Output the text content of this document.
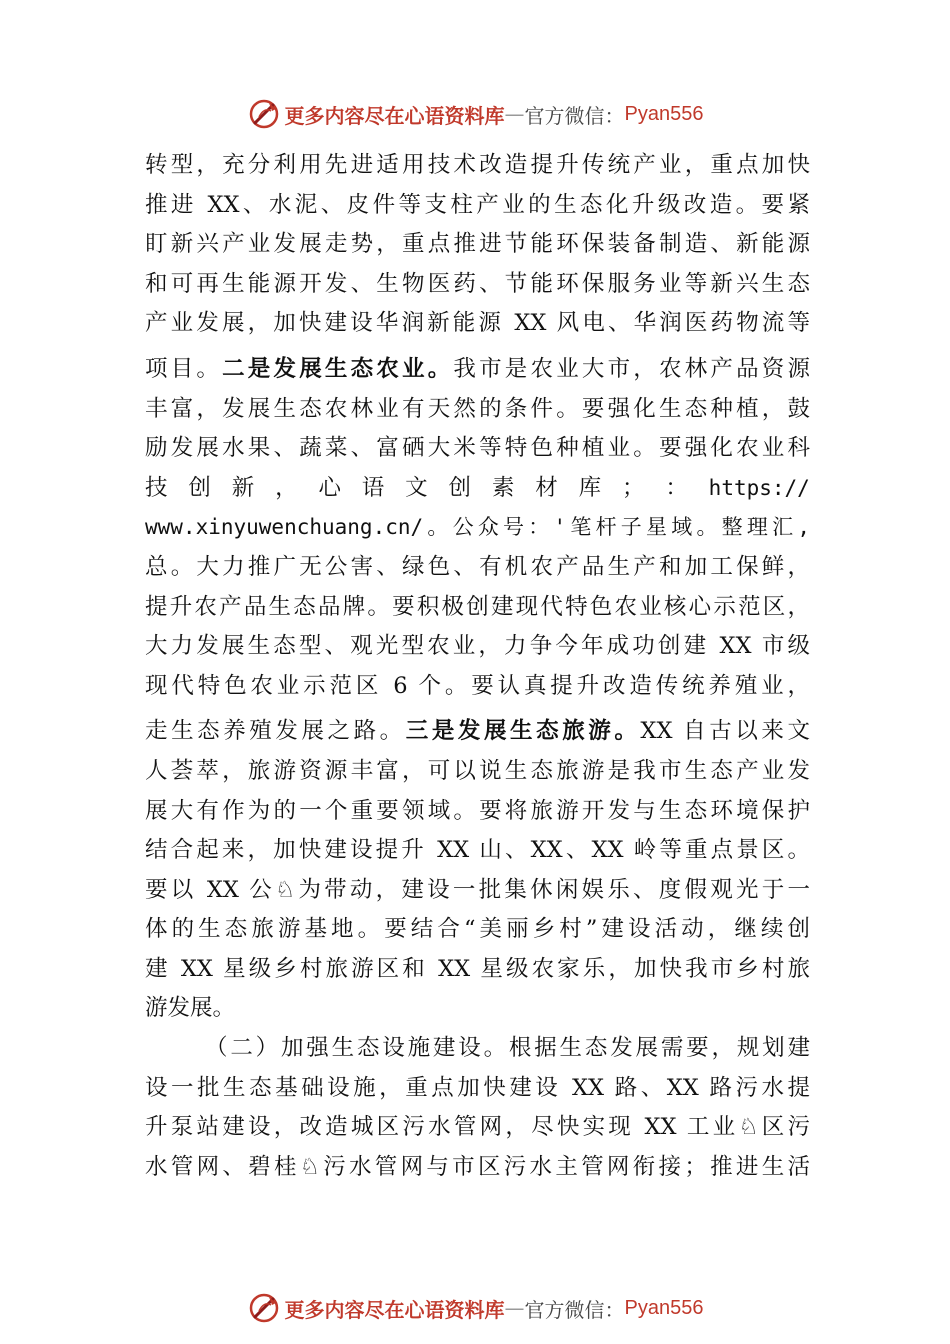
更多内容尽在心语资料库 — 官方微信： Pyan556
转型，充分利用先进适用技术改造提升传统产业，重点加快
推进 XX、水泥、皮件等支柱产业的生态化升级改造。要紧
盯新兴产业发展走势，重点推进节能环保装备制造、新能源
和可再生能源开发、生物医药、节能环保服务业等新兴生态
产业发展，加快建设华润新能源 XX 风电、华润医药物流等
项目。二是发展生态农业。我市是农业大市，农林产品资源
丰富，发展生态农林业有天然的条件。要强化生态种植，鼓
励发展水果、蔬菜、富硒大米等特色种植业。要强化农业科
技 创 新 ， 心 语 文 创 素 材 库 ； ： https://
www.xinyuwenchuang.cn/。公众号：'笔杆子星域。整理汇,
总。大力推广无公害、绿色、有机农产品生产和加工保鲜，
提升农产品生态品牌。要积极创建现代特色农业核心示范区，
大力发展生态型、观光型农业，力争今年成功创建 XX 市级
现代特色农业示范区 6 个。要认真提升改造传统养殖业，
走生态养殖发展之路。三是发展生态旅游。XX 自古以来文
人荟萃，旅游资源丰富，可以说生态旅游是我市生态产业发
展大有作为的一个重要领域。要将旅游开发与生态环境保护
结合起来，加快建设提升 XX 山、XX、XX 岭等重点景区。
要以 XX 公♘为带动，建设一批集休闲娱乐、度假观光于一
体的生态旅游基地。要结合“美丽乡村”建设活动，继续创
建 XX 星级乡村旅游区和 XX 星级农家乐，加快我市乡村旅
游发展。
（二）加强生态设施建设。根据生态发展需要，规划建
设一批生态基础设施，重点加快建设 XX 路、XX 路污水提
升泵站建设，改造城区污水管网，尽快实现 XX 工业♘区污
水管网、碧桂♘污水管网与市区污水主管网衔接；推进生活
更多内容尽在心语资料库 — 官方微信： Pyan556
